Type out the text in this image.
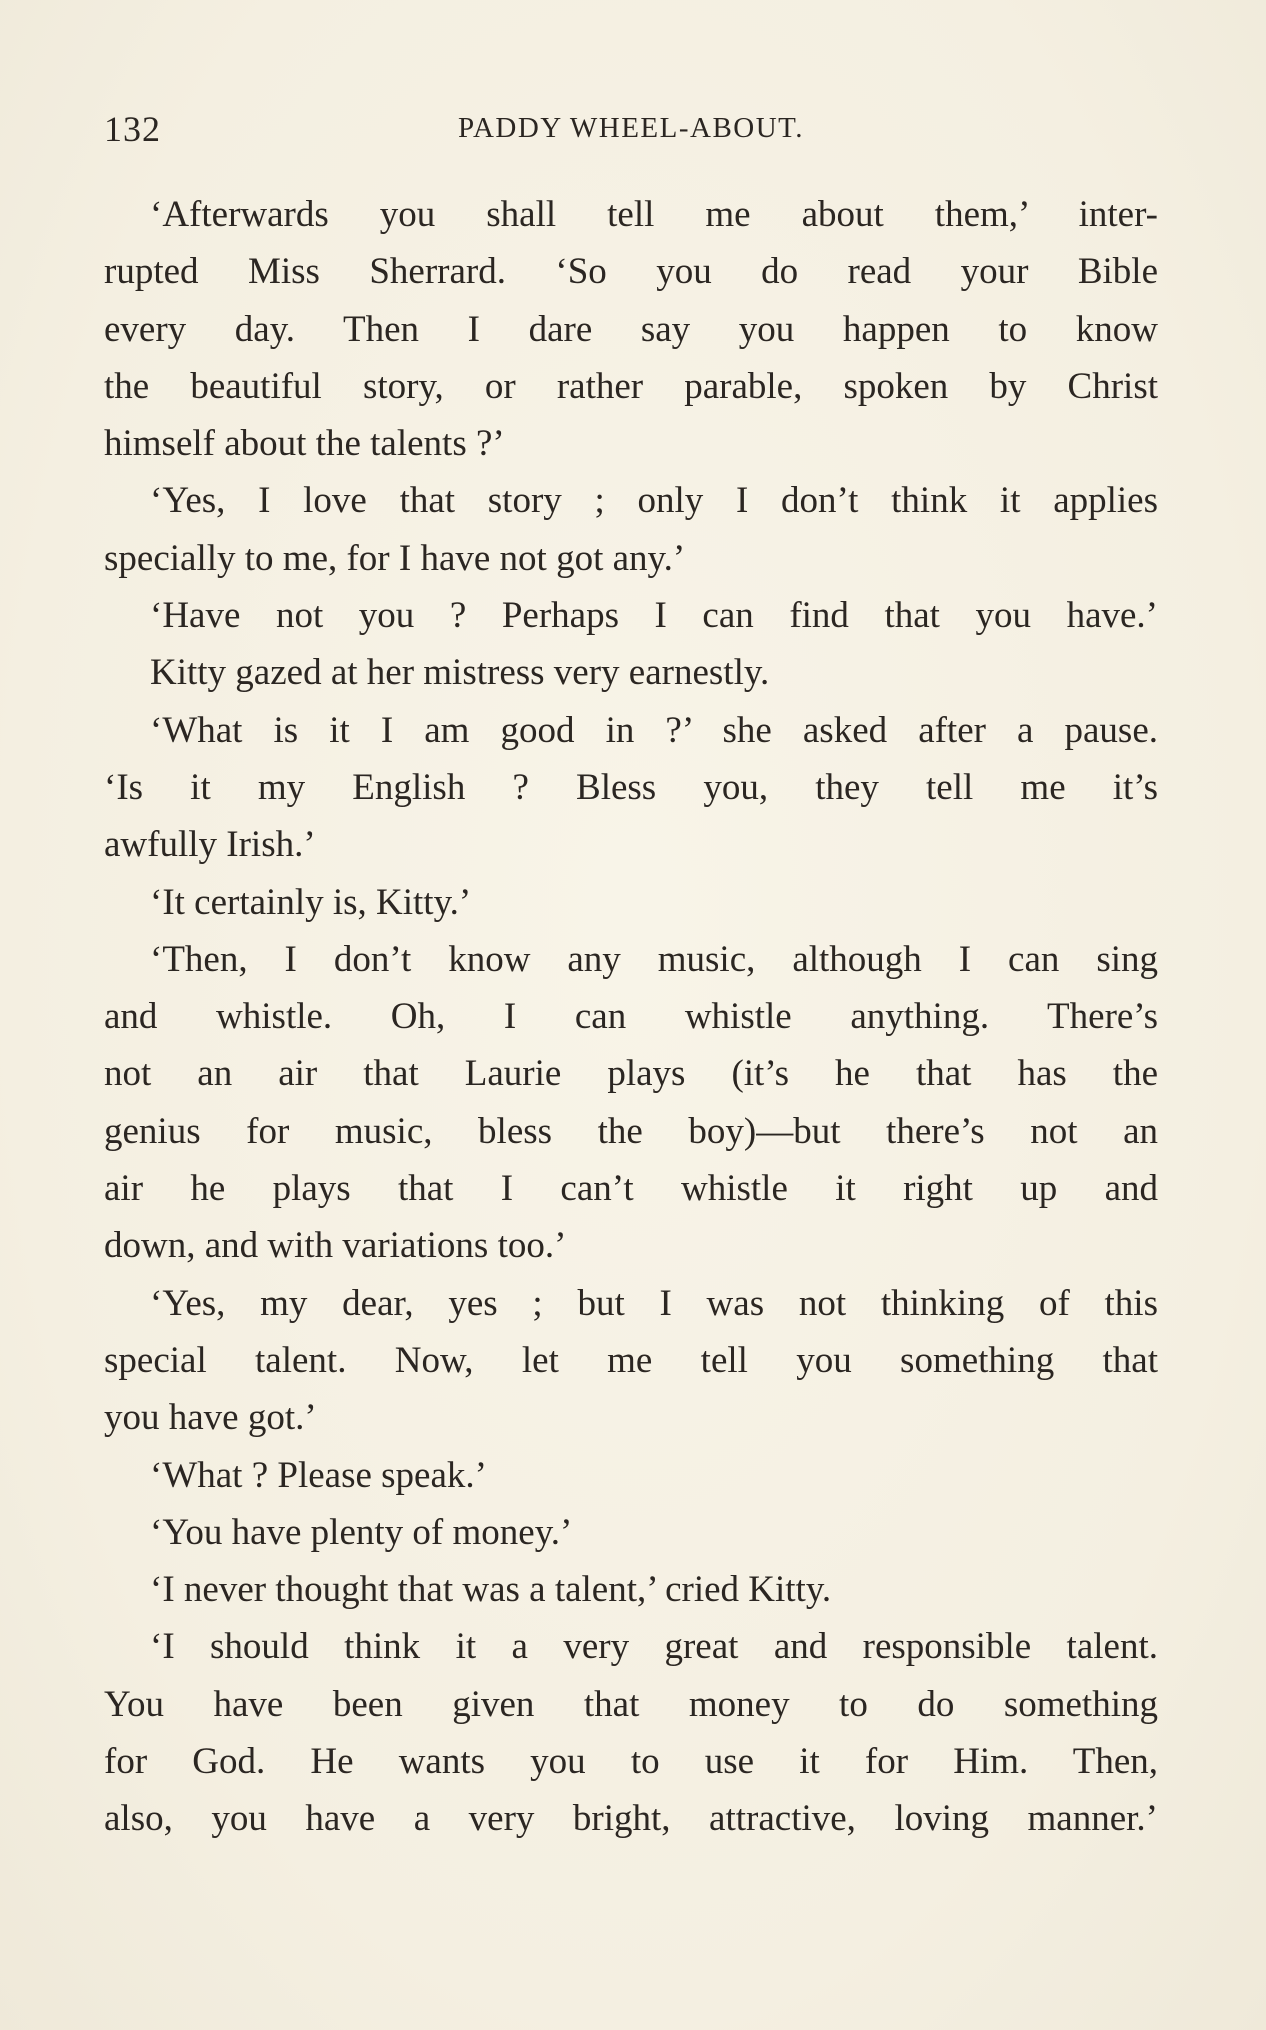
132	PADDY WHEEL-ABOUT.
‘Afterwards you shall tell me about them,’ inter-
rupted Miss Sherrard. ‘So you do read your Bible
every day. Then I dare say you happen to know
the beautiful story, or rather parable, spoken by Christ
himself about the talents ?’
‘Yes, I love that story ; only I don’t think it applies
specially to me, for I have not got any.’
‘Have not you ? Perhaps I can find that you have.’
Kitty gazed at her mistress very earnestly.
‘What is it I am good in ?’ she asked after a pause.
‘Is it my English ? Bless you, they tell me it’s
awfully Irish.’
‘It certainly is, Kitty.’
‘Then, I don’t know any music, although I can sing
and whistle. Oh, I can whistle anything. There’s
not an air that Laurie plays (it’s he that has the
genius for music, bless the boy)—but there’s not an
air he plays that I can’t whistle it right up and
down, and with variations too.’
‘Yes, my dear, yes ; but I was not thinking of this
special talent. Now, let me tell you something that
you have got.’
‘What ? Please speak.’
‘You have plenty of money.’
‘I never thought that was a talent,’ cried Kitty.
‘I should think it a very great and responsible talent.
You have been given that money to do something
for God. He wants you to use it for Him. Then,
also, you have a very bright, attractive, loving manner.’
